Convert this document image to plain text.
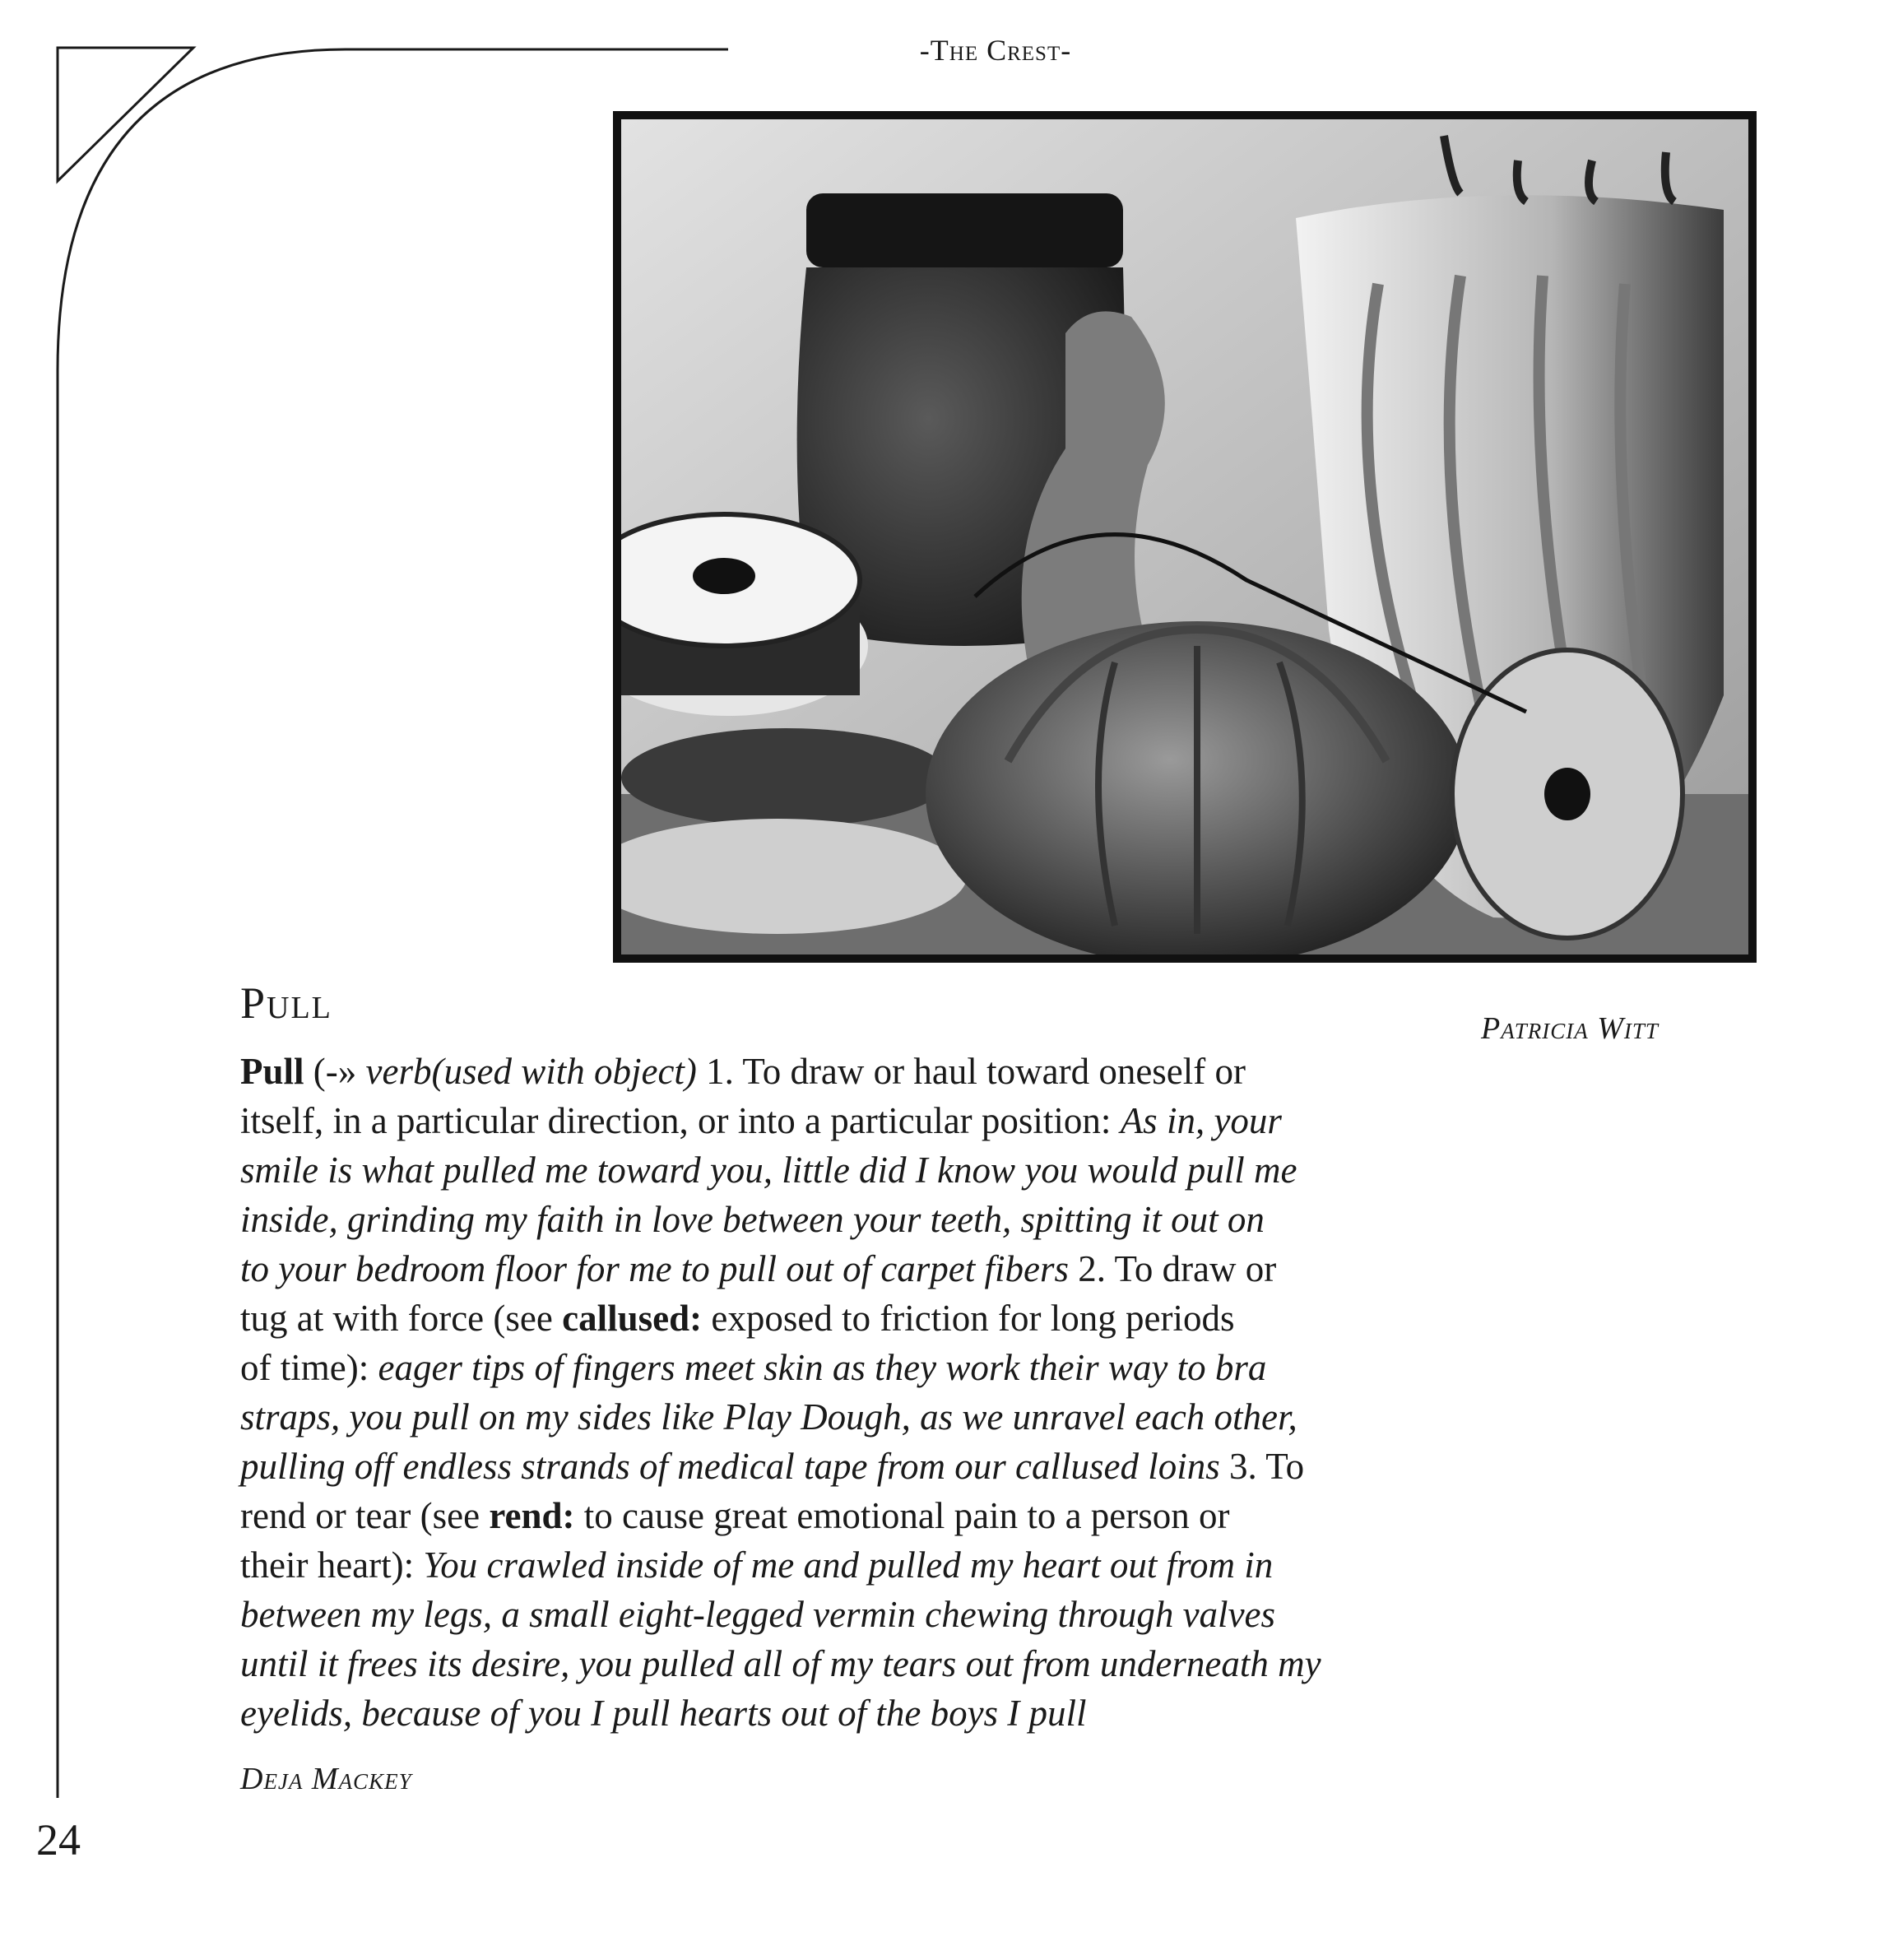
-The Crest-
Patricia Witt
Pull
Pull (-» verb(used with object) 1. To draw or haul toward oneself or
itself, in a particular direction, or into a particular position: As in, your
smile is what pulled me toward you, little did I know you would pull me
inside, grinding my faith in love between your teeth, spitting it out on
to your bedroom floor for me to pull out of carpet fibers 2. To draw or
tug at with force (see callused: exposed to friction for long periods
of time): eager tips of fingers meet skin as they work their way to bra
straps, you pull on my sides like Play Dough, as we unravel each other,
pulling off endless strands of medical tape from our callused loins 3. To
rend or tear (see rend: to cause great emotional pain to a person or
their heart): You crawled inside of me and pulled my heart out from in
between my legs, a small eight-legged vermin chewing through valves
until it frees its desire, you pulled all of my tears out from underneath my
eyelids, because of you I pull hearts out of the boys I pull
Deja Mackey
24
